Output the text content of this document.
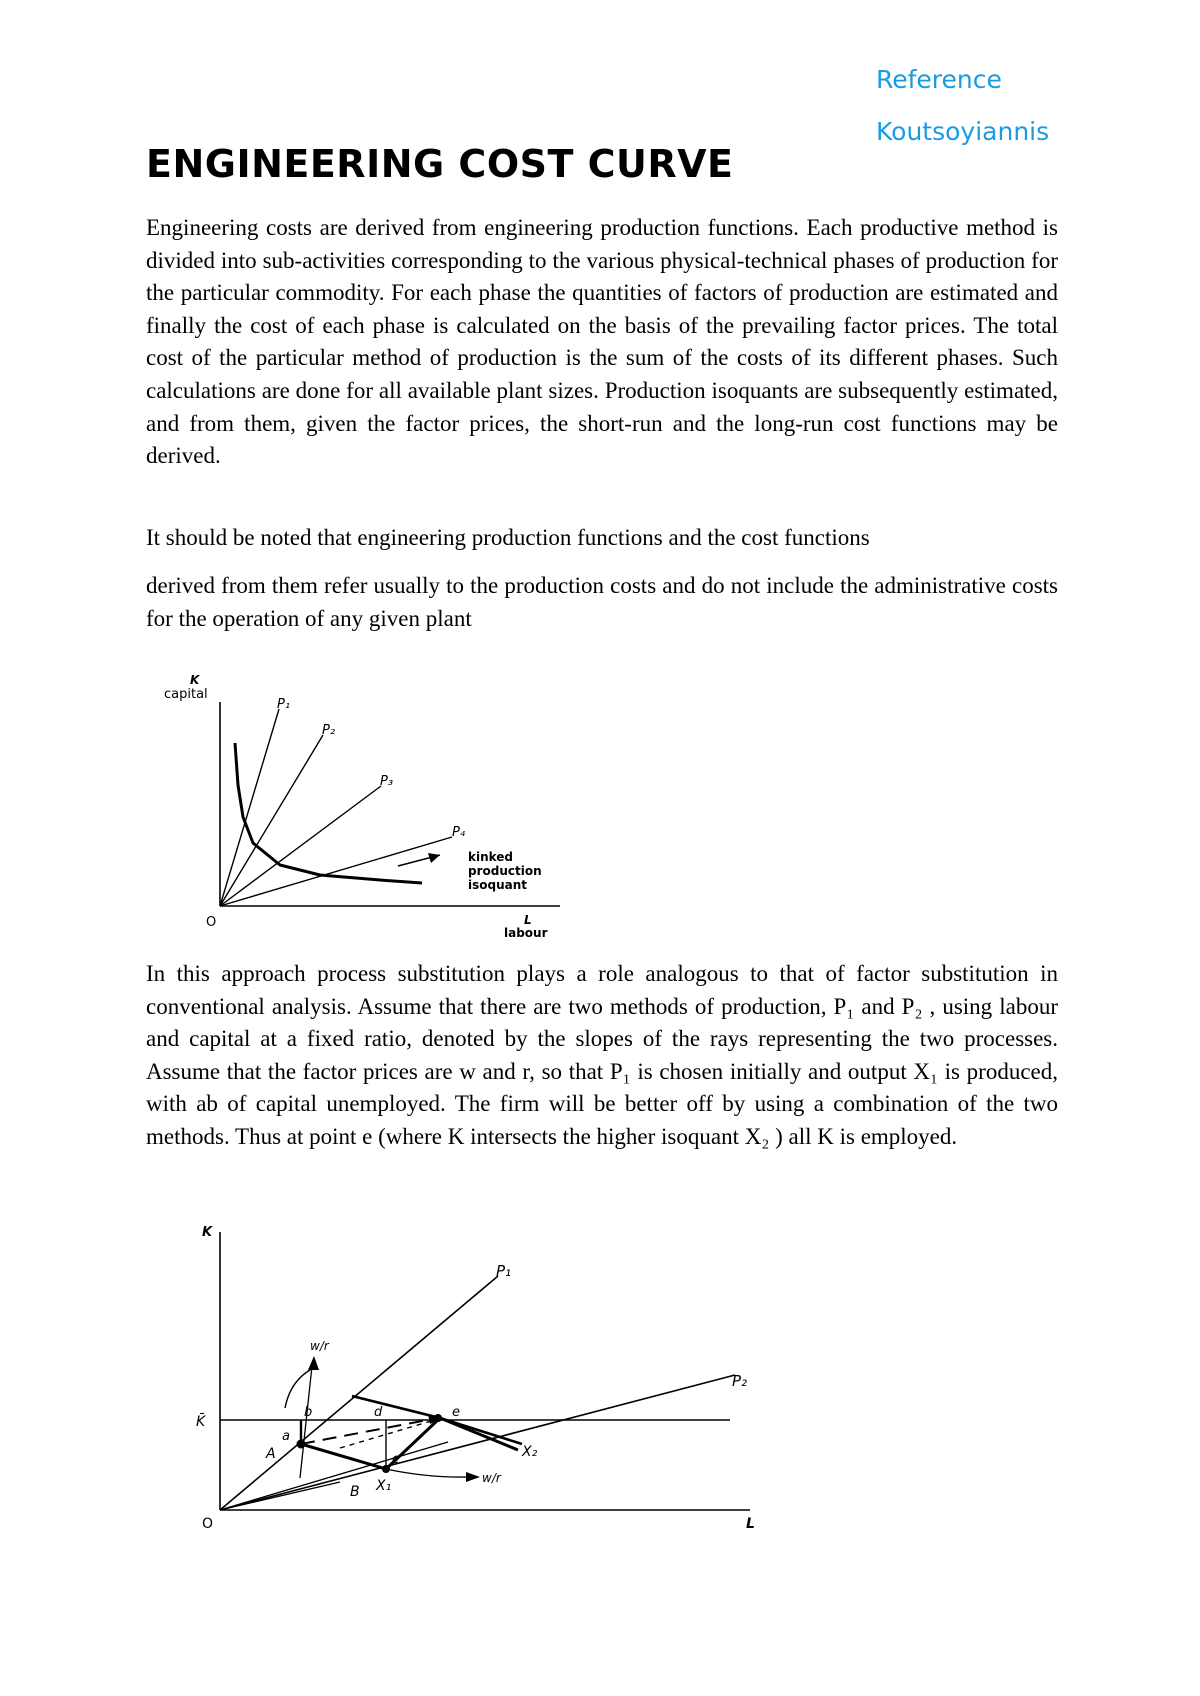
Reference
Koutsoyiannis
ENGINEERING COST CURVE

Engineering costs are derived from engineering production functions. Each productive method is divided into sub-activities corresponding to the various physical-technical phases of production for the particular commodity. For each phase the quantities of factors of production are estimated and finally the cost of each phase is calculated on the basis of the prevailing factor prices. The total cost of the particular method of production is the sum of the costs of its different phases. Such calculations are done for all available plant sizes. Production isoquants are subsequently estimated, and from them, given the factor prices, the short-run and the long-run cost functions may be derived.

It should be noted that engineering production functions and the cost functions

derived from them refer usually to the production costs and do not include the administrative costs for the operation of any given plant

K
capital
P₁
P₂
P₃
P₄
kinked
production
isoquant
O	L
labour

In this approach process substitution plays a role analogous to that of factor substitution in conventional analysis. Assume that there are two methods of production, P₁ and P₂ , using labour and capital at a fixed ratio, denoted by the slopes of the rays representing the two processes. Assume that the factor prices are w and r, so that P₁ is chosen initially and output X₁ is produced, with ab of capital unemployed. The firm will be better off by using a combination of the two methods. Thus at point e (where K intersects the higher isoquant X₂ ) all K is employed.

K
K̄
P₁
P₂
b	d	e
a
A	c
B X₁
X₂
w/r
w/r
O	L
